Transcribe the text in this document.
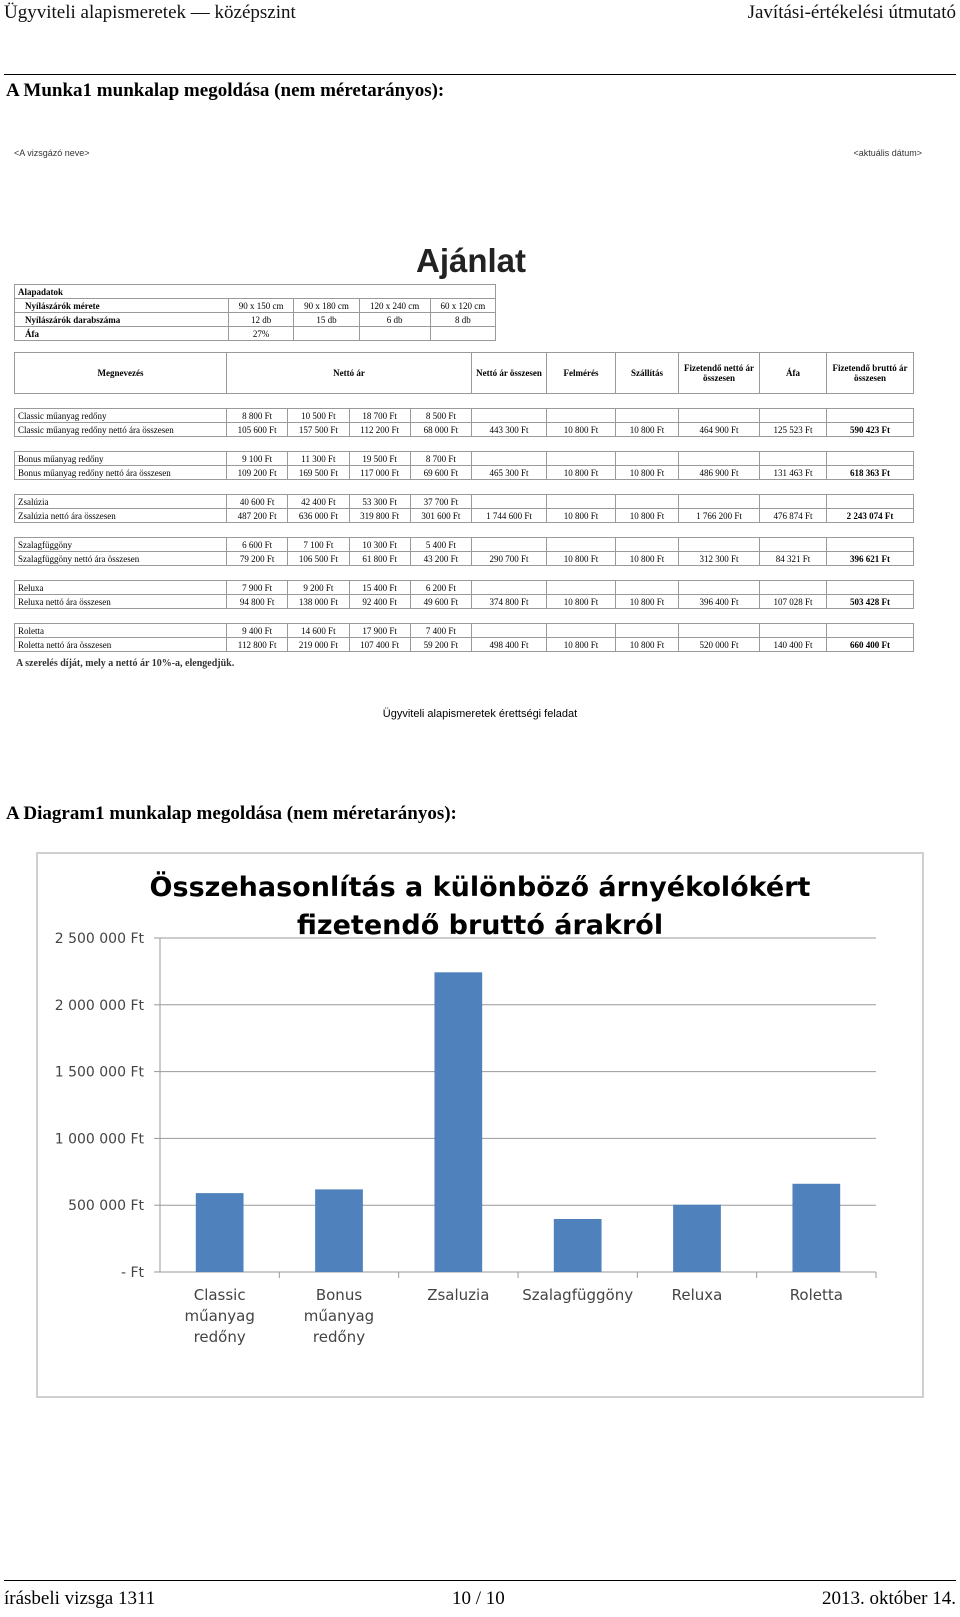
Ügyviteli alapismeretek — középszint	Javítási-értékelési útmutató
A Munka1 munkalap megoldása (nem méretarányos):
<A vizsgázó neve>	<aktuális dátum>
Ajánlat
Alapadatok				
Nyílászárók mérete	90 x 150 cm	90 x 180 cm	120 x 240 cm	60 x 120 cm
Nyílászárók darabszáma	12 db	15 db	6 db	8 db
Áfa	27%			
Megnevezés	Nettó ár				Nettó ár összesen	Felmérés	Szállítás	Fizetendő nettó ár összesen	Áfa	Fizetendő bruttó ár összesen

Classic műanyag redőny	8 800 Ft	10 500 Ft	18 700 Ft	8 500 Ft						
Classic műanyag redőny nettó ára összesen	105 600 Ft	157 500 Ft	112 200 Ft	68 000 Ft	443 300 Ft	10 800 Ft	10 800 Ft	464 900 Ft	125 523 Ft	590 423 Ft

Bonus műanyag redőny	9 100 Ft	11 300 Ft	19 500 Ft	8 700 Ft						
Bonus műanyag redőny nettó ára összesen	109 200 Ft	169 500 Ft	117 000 Ft	69 600 Ft	465 300 Ft	10 800 Ft	10 800 Ft	486 900 Ft	131 463 Ft	618 363 Ft

Zsalúzia	40 600 Ft	42 400 Ft	53 300 Ft	37 700 Ft						
Zsalúzia nettó ára összesen	487 200 Ft	636 000 Ft	319 800 Ft	301 600 Ft	1 744 600 Ft	10 800 Ft	10 800 Ft	1 766 200 Ft	476 874 Ft	2 243 074 Ft

Szalagfüggöny	6 600 Ft	7 100 Ft	10 300 Ft	5 400 Ft						
Szalagfüggöny nettó ára összesen	79 200 Ft	106 500 Ft	61 800 Ft	43 200 Ft	290 700 Ft	10 800 Ft	10 800 Ft	312 300 Ft	84 321 Ft	396 621 Ft

Reluxa	7 900 Ft	9 200 Ft	15 400 Ft	6 200 Ft						
Reluxa nettó ára összesen	94 800 Ft	138 000 Ft	92 400 Ft	49 600 Ft	374 800 Ft	10 800 Ft	10 800 Ft	396 400 Ft	107 028 Ft	503 428 Ft

Roletta	9 400 Ft	14 600 Ft	17 900 Ft	7 400 Ft						
Roletta nettó ára összesen	112 800 Ft	219 000 Ft	107 400 Ft	59 200 Ft	498 400 Ft	10 800 Ft	10 800 Ft	520 000 Ft	140 400 Ft	660 400 Ft
A szerelés díját, mely a nettó ár 10%-a, elengedjük.
Ügyviteli alapismeretek érettségi feladat
A Diagram1 munkalap megoldása (nem méretarányos):
Összehasonlítás a különböző árnyékolókért
fizetendő bruttó árakról
- Ft
500 000 Ft
1 000 000 Ft
1 500 000 Ft
2 000 000 Ft
2 500 000 Ft
Classic
műanyag
redőny
Bonus
műanyag
redőny
Zsaluzia Szalagfüggöny	Reluxa	Roletta
írásbeli vizsga 1311	10 / 10	2013. október 14.
